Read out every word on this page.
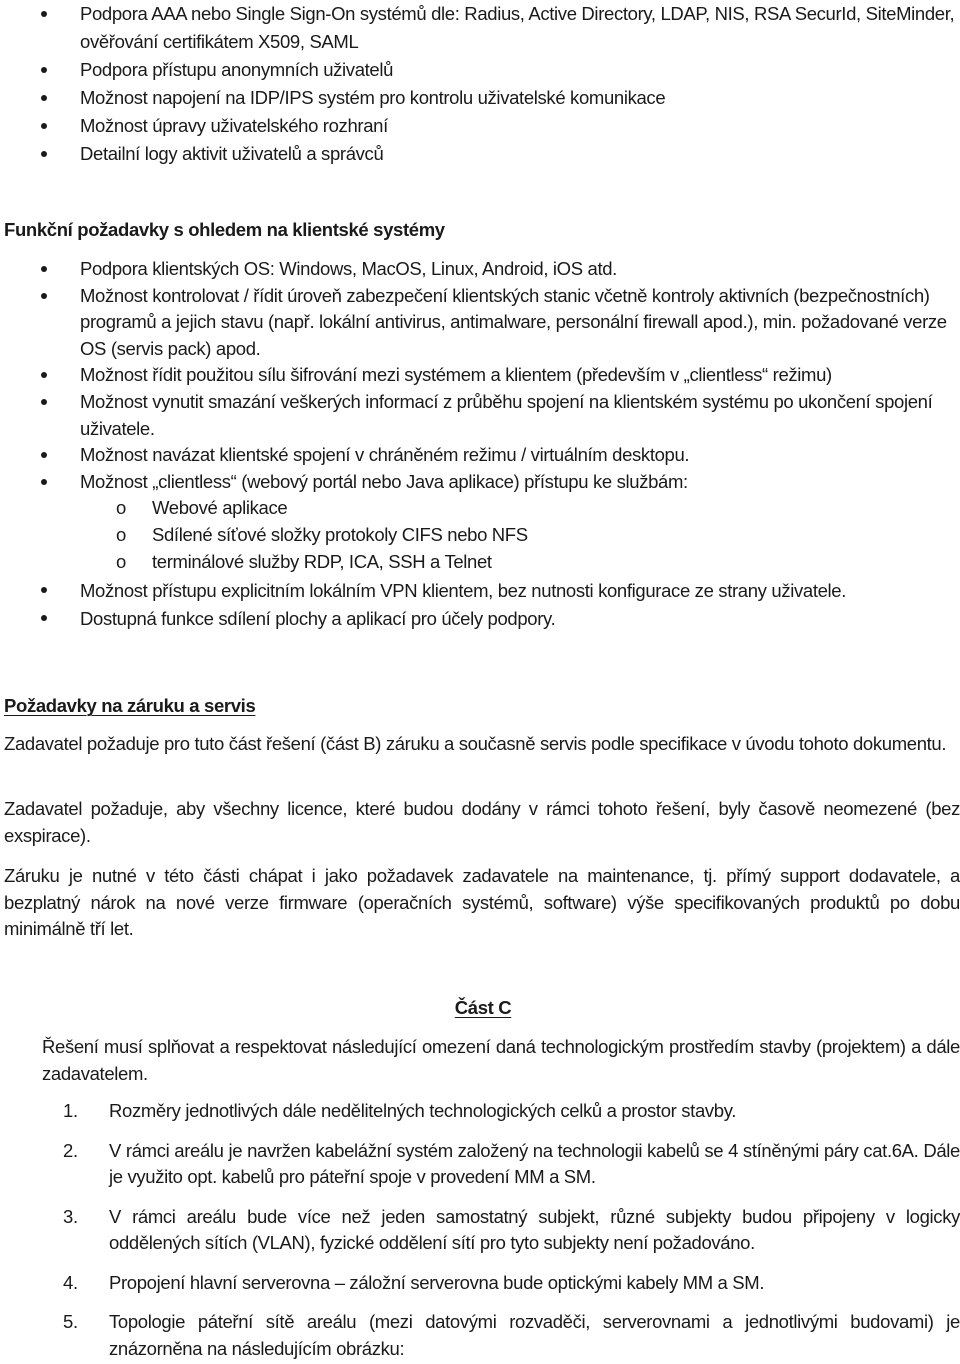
Podpora AAA nebo Single Sign-On systémů dle: Radius, Active Directory, LDAP, NIS, RSA SecurId, SiteMinder, ověřování certifikátem X509, SAML
Podpora přístupu anonymních uživatelů
Možnost napojení na IDP/IPS systém pro kontrolu uživatelské komunikace
Možnost úpravy uživatelského rozhraní
Detailní logy aktivit uživatelů a správců
Funkční požadavky s ohledem na klientské systémy
Podpora klientských OS: Windows, MacOS, Linux, Android, iOS atd.
Možnost kontrolovat / řídit úroveň zabezpečení klientských stanic včetně kontroly aktivních (bezpečnostních) programů a jejich stavu (např. lokální antivirus, antimalware, personální firewall apod.), min. požadované verze OS (servis pack) apod.
Možnost řídit použitou sílu šifrování mezi systémem a klientem (především v „clientless“ režimu)
Možnost vynutit smazání veškerých informací z průběhu spojení na klientském systému po ukončení spojení uživatele.
Možnost navázat klientské spojení v chráněném režimu / virtuálním desktopu.
Možnost „clientless“ (webový portál nebo Java aplikace) přístupu ke službám:
o Webové aplikace
o Sdílené síťové složky protokoly CIFS nebo NFS
o terminálové služby RDP, ICA, SSH a Telnet
Možnost přístupu explicitním lokálním VPN klientem, bez nutnosti konfigurace ze strany uživatele.
Dostupná funkce sdílení plochy a aplikací pro účely podpory.
Požadavky na záruku a servis
Zadavatel požaduje pro tuto část řešení (část B) záruku a současně servis podle specifikace v úvodu tohoto dokumentu.
Zadavatel požaduje, aby všechny licence, které budou dodány v rámci tohoto řešení, byly časově neomezené (bez exspirace).
Záruku je nutné v této části chápat i jako požadavek zadavatele na maintenance, tj. přímý support dodavatele, a bezplatný nárok na nové verze firmware (operačních systémů, software) výše specifikovaných produktů po dobu minimálně tří let.
Část C
Řešení musí splňovat a respektovat následující omezení daná technologickým prostředím stavby (projektem) a dále zadavatelem.
1. Rozměry jednotlivých dále nedělitelných technologických celků a prostor stavby.
2. V rámci areálu je navržen kabelážní systém založený na technologii kabelů se 4 stíněnými páry cat.6A. Dále je využito opt. kabelů pro páteřní spoje v provedení MM a SM.
3. V rámci areálu bude více než jeden samostatný subjekt, různé subjekty budou připojeny v logicky oddělených sítích (VLAN), fyzické oddělení sítí pro tyto subjekty není požadováno.
4. Propojení hlavní serverovna – záložní serverovna bude optickými kabely MM a SM.
5. Topologie páteřní sítě areálu (mezi datovými rozvaděči, serverovnami a jednotlivými budovami) je znázorněna na následujícím obrázku:
